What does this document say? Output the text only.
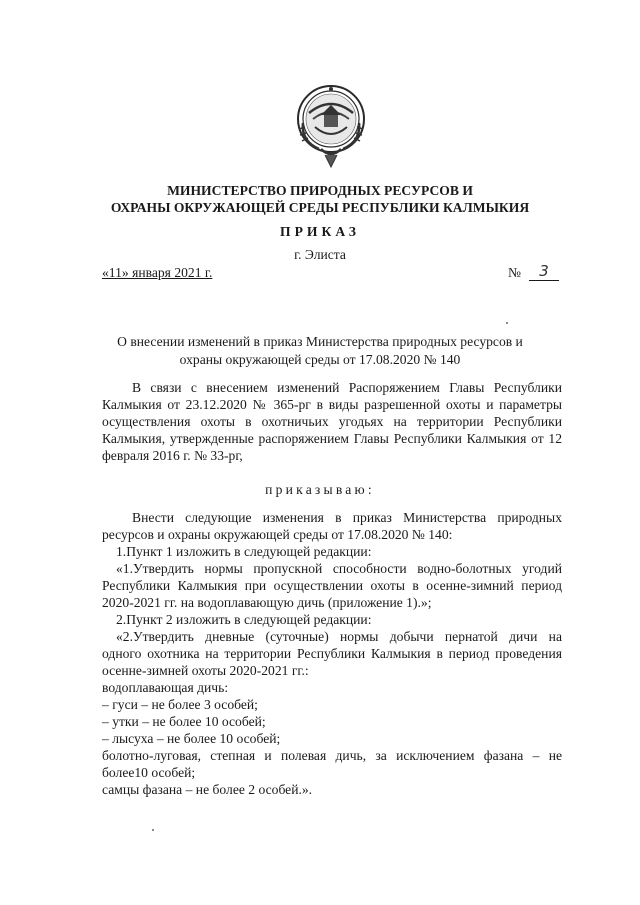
МИНИСТЕРСТВО ПРИРОДНЫХ РЕСУРСОВ И
ОХРАНЫ ОКРУЖАЮЩЕЙ СРЕДЫ РЕСПУБЛИКИ КАЛМЫКИЯ
ПРИКАЗ
г. Элиста
«11» января 2021 г.	№	3
О внесении изменений в приказ Министерства природных ресурсов и
охраны окружающей среды от 17.08.2020 № 140
В связи с внесением изменений Распоряжением Главы Республики
Калмыкия от 23.12.2020 № 365-рг в виды разрешенной охоты и параметры
осуществления охоты в охотничьих угодьях на территории Республики
Калмыкия, утвержденные распоряжением Главы Республики Калмыкия от 12
февраля 2016 г. № 33-рг,
приказываю:
Внести следующие изменения в приказ Министерства природных
ресурсов и охраны окружающей среды от 17.08.2020 № 140:
1.Пункт 1 изложить в следующей редакции:
«1.Утвердить нормы пропускной способности водно-болотных угодий
Республики Калмыкия при осуществлении охоты в осенне-зимний период
2020-2021 гг. на водоплавающую дичь (приложение 1).»;
2.Пункт 2 изложить в следующей редакции:
«2.Утвердить дневные (суточные) нормы добычи пернатой дичи на
одного охотника на территории Республики Калмыкия в период проведения
осенне-зимней охоты 2020-2021 гг.:
водоплавающая дичь:
– гуси – не более 3 особей;
– утки – не более 10 особей;
– лысуха – не более 10 особей;
болотно-луговая, степная и полевая дичь, за исключением фазана – не
более10 особей;
самцы фазана – не более 2 особей.».
